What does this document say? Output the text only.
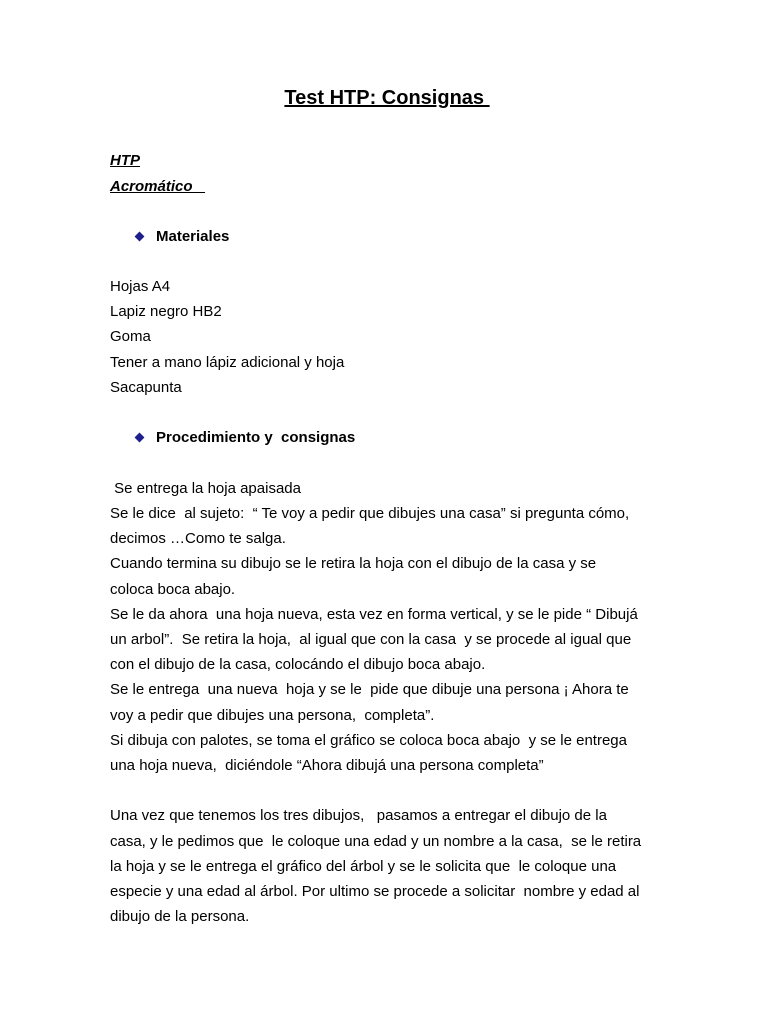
Test HTP: Consignas
HTP
Acromático

Materiales

Hojas A4
Lapiz negro HB2
Goma
Tener a mano lápiz adicional y hoja
Sacapunta

Procedimiento y  consignas

Se entrega la hoja apaisada
Se le dice  al sujeto:  “ Te voy a pedir que dibujes una casa” si pregunta cómo,
decimos …Como te salga.
Cuando termina su dibujo se le retira la hoja con el dibujo de la casa y se
coloca boca abajo.
Se le da ahora  una hoja nueva, esta vez en forma vertical, y se le pide “ Dibujá
un arbol”.  Se retira la hoja,  al igual que con la casa  y se procede al igual que
con el dibujo de la casa, colocándo el dibujo boca abajo.
Se le entrega  una nueva  hoja y se le  pide que dibuje una persona ¡ Ahora te
voy a pedir que dibujes una persona,  completa”.
Si dibuja con palotes, se toma el gráfico se coloca boca abajo  y se le entrega
una hoja nueva,  diciéndole “Ahora dibujá una persona completa”
Una vez que tenemos los tres dibujos,   pasamos a entregar el dibujo de la
casa, y le pedimos que  le coloque una edad y un nombre a la casa,  se le retira
la hoja y se le entrega el gráfico del árbol y se le solicita que  le coloque una
especie y una edad al árbol. Por ultimo se procede a solicitar  nombre y edad al
dibujo de la persona.
